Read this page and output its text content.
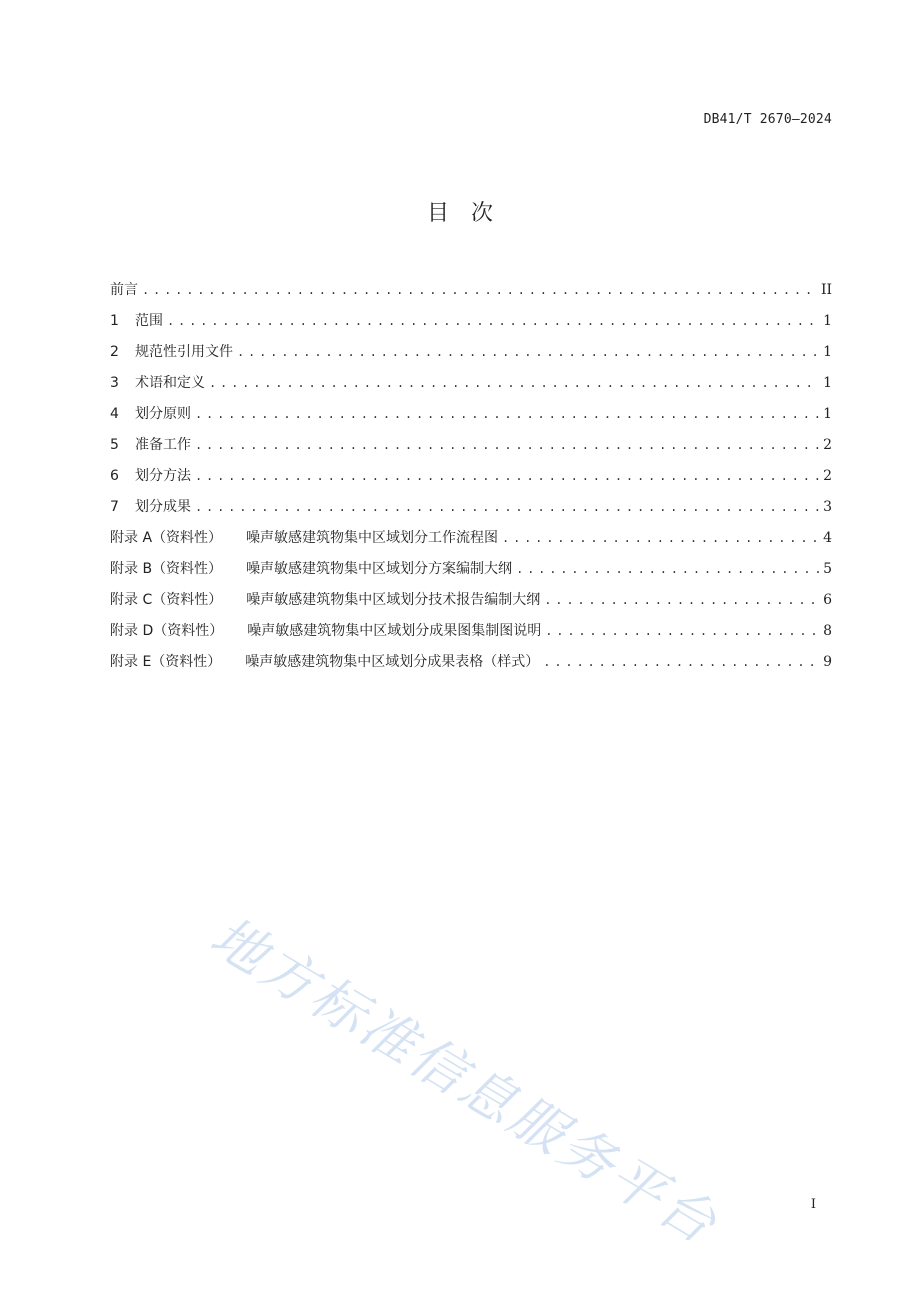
DB41/T 2670—2024
目　次
前言 . . .	II
1	范围 . . .	1
2	规范性引用文件 . . .	1
3	术语和定义 . . .	1
4	划分原则 . . .	1
5	准备工作 . . .	2
6	划分方法 . . .	2
7	划分成果 . . .	3
附录 A（资料性） 噪声敏感建筑物集中区域划分工作流程图 . . .	4
附录 B（资料性） 噪声敏感建筑物集中区域划分方案编制大纲 . . .	5
附录 C（资料性） 噪声敏感建筑物集中区域划分技术报告编制大纲 . . .	6
附录 D（资料性） 噪声敏感建筑物集中区域划分成果图集制图说明 . . .	8
附录 E（资料性） 噪声敏感建筑物集中区域划分成果表格（样式） . . .	9
地方标准信息服务平台	I
